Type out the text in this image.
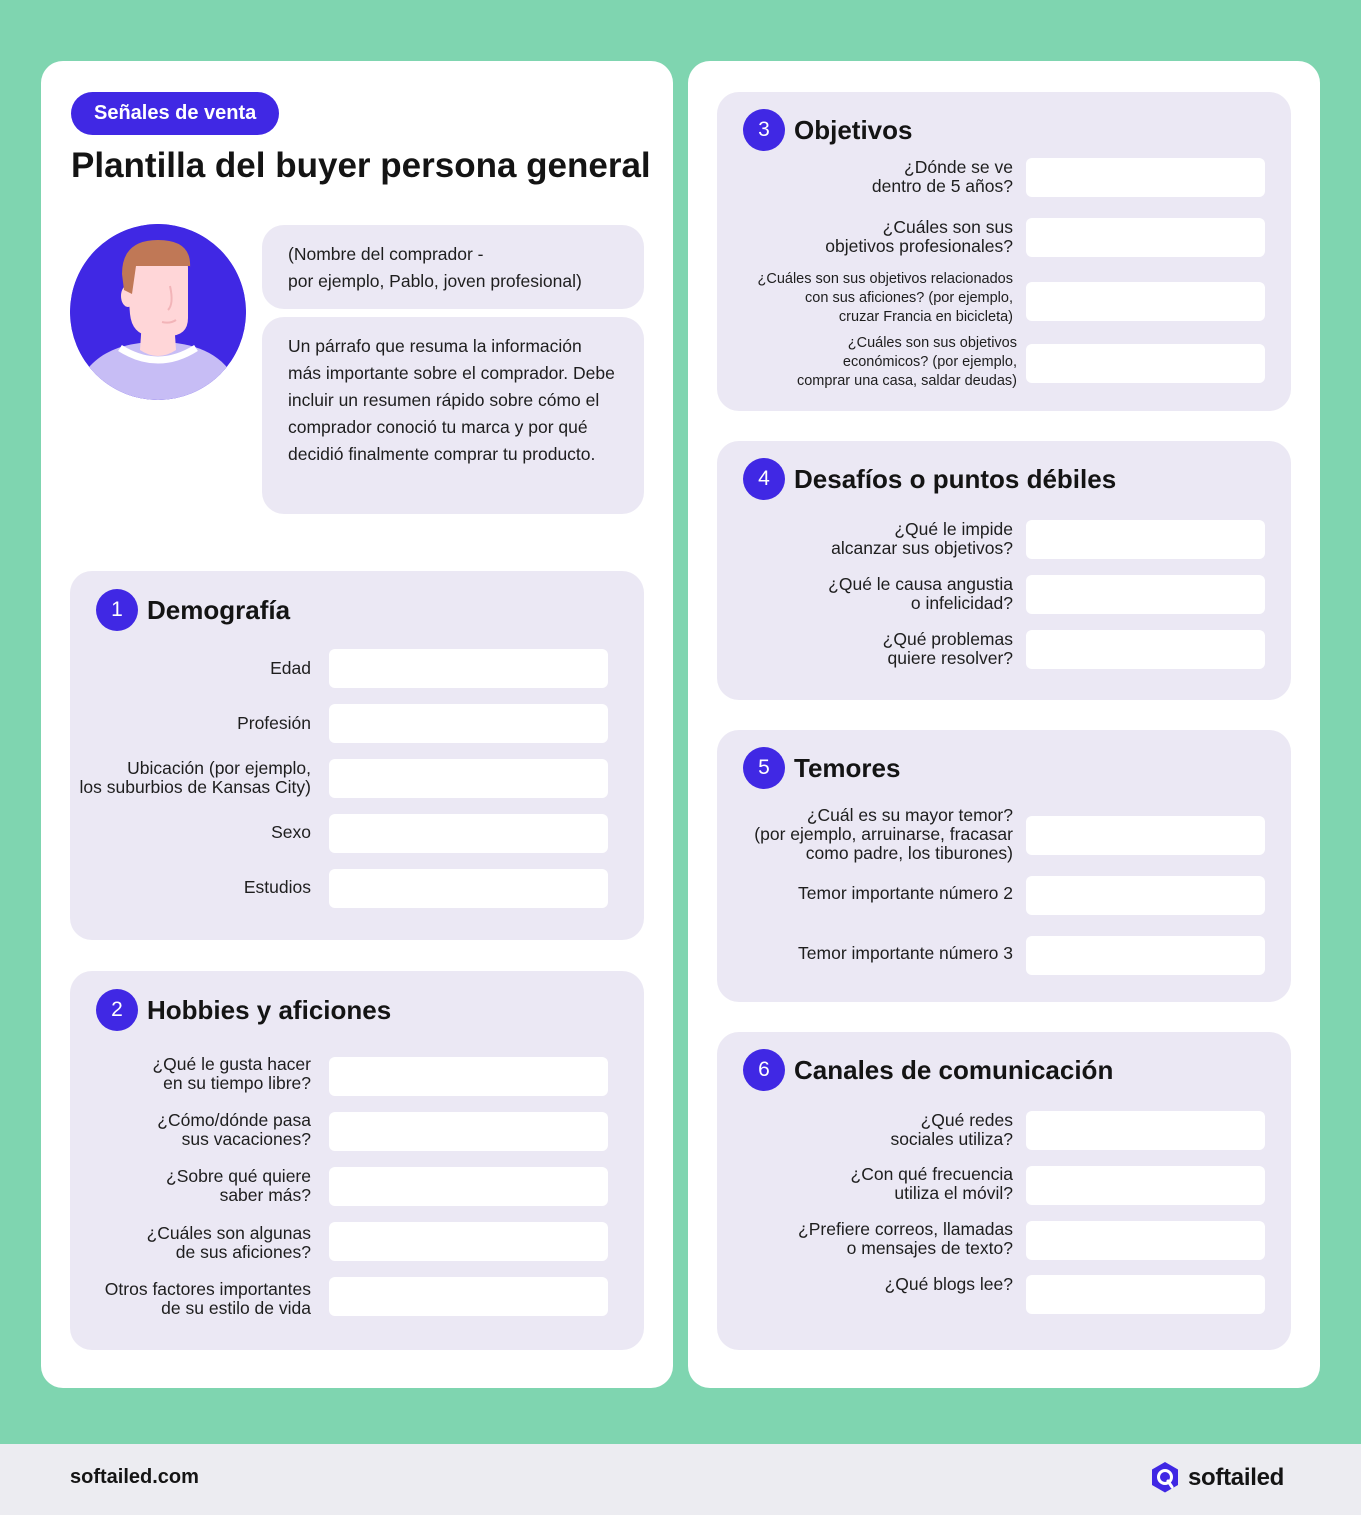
Señales de venta
Plantilla del buyer persona general
(Nombre del comprador -
por ejemplo, Pablo, joven profesional)
Un párrafo que resuma la información más importante sobre el comprador. Debe incluir un resumen rápido sobre cómo el comprador conoció tu marca y por qué decidió finalmente comprar tu producto.
1 Demografía
Edad
Profesión
Ubicación (por ejemplo,
los suburbios de Kansas City)
Sexo
Estudios
2 Hobbies y aficiones
¿Qué le gusta hacer
en su tiempo libre?
¿Cómo/dónde pasa
sus vacaciones?
¿Sobre qué quiere
saber más?
¿Cuáles son algunas
de sus aficiones?
Otros factores importantes
de su estilo de vida
3 Objetivos
¿Dónde se ve
dentro de 5 años?
¿Cuáles son sus
objetivos profesionales?
¿Cuáles son sus objetivos relacionados
con sus aficiones? (por ejemplo,
cruzar Francia en bicicleta)
¿Cuáles son sus objetivos
económicos? (por ejemplo,
comprar una casa, saldar deudas)
4 Desafíos o puntos débiles
¿Qué le impide
alcanzar sus objetivos?
¿Qué le causa angustia
o infelicidad?
¿Qué problemas
quiere resolver?
5 Temores
¿Cuál es su mayor temor?
(por ejemplo, arruinarse, fracasar
como padre, los tiburones)
Temor importante número 2
Temor importante número 3
6 Canales de comunicación
¿Qué redes
sociales utiliza?
¿Con qué frecuencia
utiliza el móvil?
¿Prefiere correos, llamadas
o mensajes de texto?
¿Qué blogs lee?
softailed.com	softailed
